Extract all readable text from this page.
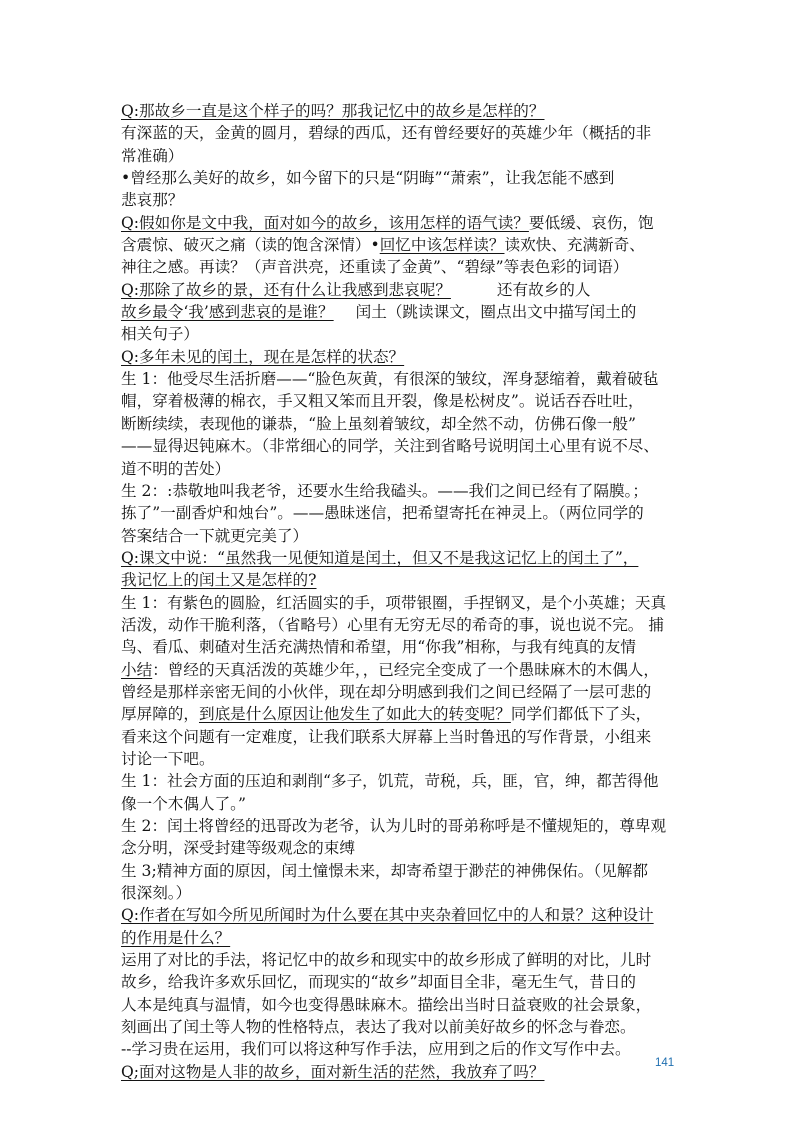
Q:那故乡一直是这个样子的吗？那我记忆中的故乡是怎样的？
有深蓝的天，金黄的圆月，碧绿的西瓜，还有曾经要好的英雄少年（概括的非
常准确）
•曾经那么美好的故乡，如今留下的只是“阴晦”“萧索”，让我怎能不感到
悲哀那？
Q:假如你是文中我，面对如今的故乡，该用怎样的语气读？要低缓、哀伤，饱
含震惊、破灭之痛（读的饱含深情）•回忆中该怎样读？读欢快、充满新奇、
神往之感。再读？（声音洪亮，还重读了金黄”、“碧绿”等表色彩的词语）
Q:那除了故乡的景，还有什么让我感到悲哀呢？	还有故乡的人
故乡最令‘我’感到悲哀的是谁？ 闰土（跳读课文，圈点出文中描写闰土的
相关句子）
Q:多年未见的闰土，现在是怎样的状态？
生 1：他受尽生活折磨——“脸色灰黄，有很深的皱纹，浑身瑟缩着，戴着破毡
帽，穿着极薄的棉衣，手又粗又笨而且开裂，像是松树皮”。说话吞吞吐吐，
断断续续，表现他的谦恭，“脸上虽刻着皱纹，却全然不动，仿佛石像一般”
——显得迟钝麻木。（非常细心的同学，关注到省略号说明闰土心里有说不尽、
道不明的苦处）
生 2：:恭敬地叫我老爷，还要水生给我磕头。——我们之间已经有了隔膜。；
拣了”一副香炉和烛台”。——愚昧迷信，把希望寄托在神灵上。（两位同学的
答案结合一下就更完美了）
Q:课文中说：“虽然我一见便知道是闰土，但又不是我这记忆上的闰土了”，
我记忆上的闰土又是怎样的?
生 1：有紫色的圆脸，红活圆实的手，项带银圈，手捏钢叉，是个小英雄；天真
活泼，动作干脆利落，（省略号）心里有无穷无尽的希奇的事，说也说不完。 捕
鸟、看瓜、刺碴对生活充满热情和希望，用“你我”相称，与我有纯真的友情
小结：曾经的天真活泼的英雄少年，，已经完全变成了一个愚昧麻木的木偶人，
曾经是那样亲密无间的小伙伴，现在却分明感到我们之间已经隔了一层可悲的
厚屏障的，到底是什么原因让他发生了如此大的转变呢？同学们都低下了头，
看来这个问题有一定难度，让我们联系大屏幕上当时鲁迅的写作背景，小组来
讨论一下吧。
生 1：社会方面的压迫和剥削“多子，饥荒，苛税，兵，匪，官，绅，都苦得他
像一个木偶人了。”
生 2：闰土将曾经的迅哥改为老爷，认为儿时的哥弟称呼是不懂规矩的，尊卑观
念分明，深受封建等级观念的束缚
生 3;精神方面的原因，闰土憧憬未来，却寄希望于渺茫的神佛保佑。（见解都
很深刻。）
Q:作者在写如今所见所闻时为什么要在其中夹杂着回忆中的人和景？这种设计
的作用是什么？
运用了对比的手法，将记忆中的故乡和现实中的故乡形成了鲜明的对比，儿时
故乡，给我许多欢乐回忆，而现实的“故乡”却面目全非，毫无生气，昔日的
人本是纯真与温情，如今也变得愚昧麻木。描绘出当时日益衰败的社会景象，
刻画出了闰土等人物的性格特点，表达了我对以前美好故乡的怀念与眷恋。
--学习贵在运用，我们可以将这种写作手法，应用到之后的作文写作中去。
Q;面对这物是人非的故乡，面对新生活的茫然，我放弃了吗？	141
